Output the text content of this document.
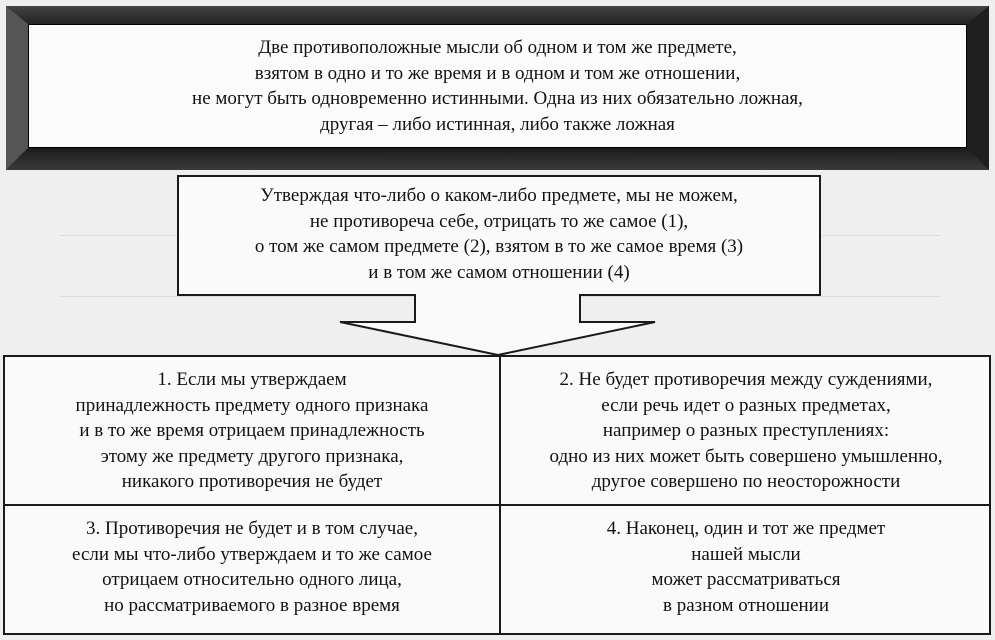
Две противоположные мысли об одном и том же предмете,
взятом в одно и то же время и в одном и том же отношении,
не могут быть одновременно истинными. Одна из них обязательно ложная,
другая – либо истинная, либо также ложная
Утверждая что-либо о каком-либо предмете, мы не можем,
не противореча себе, отрицать то же самое (1),
о том же самом предмете (2), взятом в то же самое время (3)
и в том же самом отношении (4)
1. Если мы утверждаем
принадлежность предмету одного признака
и в то же время отрицаем принадлежность
этому же предмету другого признака,
никакого противоречия не будет
2. Не будет противоречия между суждениями,
если речь идет о разных предметах,
например о разных преступлениях:
одно из них может быть совершено умышленно,
другое совершено по неосторожности
3. Противоречия не будет и в том случае,
если мы что-либо утверждаем и то же самое
отрицаем относительно одного лица,
но рассматриваемого в разное время
4. Наконец, один и тот же предмет
нашей мысли
может рассматриваться
в разном отношении
